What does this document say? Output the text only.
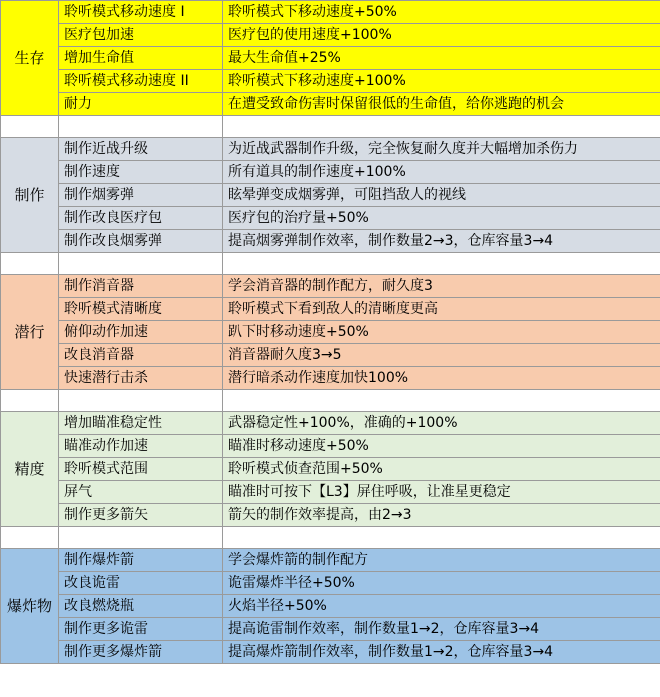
生存	聆听模式移动速度 I	聆听模式下移动速度+50%
	医疗包加速	医疗包的使用速度+100%
	增加生命值	最大生命值+25%
	聆听模式移动速度 II	聆听模式下移动速度+100%
	耐力	在遭受致命伤害时保留很低的生命值，给你逃跑的机会

制作	制作近战升级	为近战武器制作升级，完全恢复耐久度并大幅增加杀伤力
	制作速度	所有道具的制作速度+100%
	制作烟雾弹	眩晕弹变成烟雾弹，可阻挡敌人的视线
	制作改良医疗包	医疗包的治疗量+50%
	制作改良烟雾弹	提高烟雾弹制作效率，制作数量2→3，仓库容量3→4

潜行	制作消音器	学会消音器的制作配方，耐久度3
	聆听模式清晰度	聆听模式下看到敌人的清晰度更高
	俯仰动作加速	趴下时移动速度+50%
	改良消音器	消音器耐久度3→5
	快速潜行击杀	潜行暗杀动作速度加快100%

精度	增加瞄准稳定性	武器稳定性+100%，准确的+100%
	瞄准动作加速	瞄准时移动速度+50%
	聆听模式范围	聆听模式侦查范围+50%
	屏气	瞄准时可按下【L3】屏住呼吸，让准星更稳定
	制作更多箭矢	箭矢的制作效率提高，由2→3

爆炸物	制作爆炸箭	学会爆炸箭的制作配方
	改良诡雷	诡雷爆炸半径+50%
	改良燃烧瓶	火焰半径+50%
	制作更多诡雷	提高诡雷制作效率，制作数量1→2，仓库容量3→4
	制作更多爆炸箭	提高爆炸箭制作效率，制作数量1→2，仓库容量3→4
